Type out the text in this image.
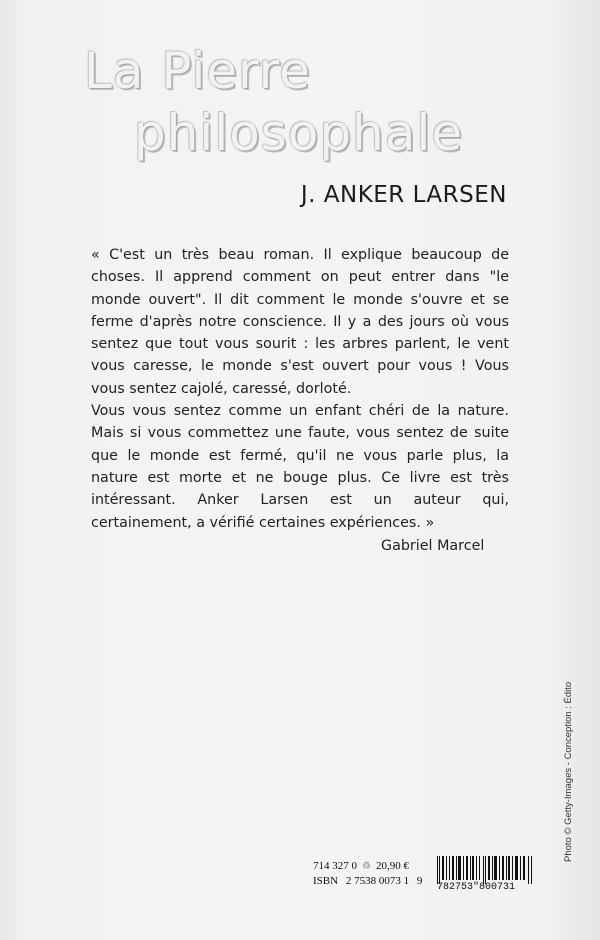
La Pierre
philosophale
J. ANKER LARSEN

« C'est un très beau roman. Il explique beaucoup de choses. Il apprend comment on peut entrer dans "le monde ouvert". Il dit comment le monde s'ouvre et se ferme d'après notre conscience. Il y a des jours où vous sentez que tout vous sourit : les arbres parlent, le vent vous caresse, le monde s'est ouvert pour vous ! Vous vous sentez cajolé, caressé, dorloté.

Vous vous sentez comme un enfant chéri de la nature. Mais si vous commettez une faute, vous sentez de suite que le monde est fermé, qu'il ne vous parle plus, la nature est morte et ne bouge plus. Ce livre est très intéressant. Anker Larsen est un auteur qui, certainement, a vérifié certaines expériences. »

Gabriel Marcel
Photo © Getty-Images - Conception : Édito
714 327 0 ♲ 20,90 €
ISBN 2 7538 0073 1 9
782753"800731
